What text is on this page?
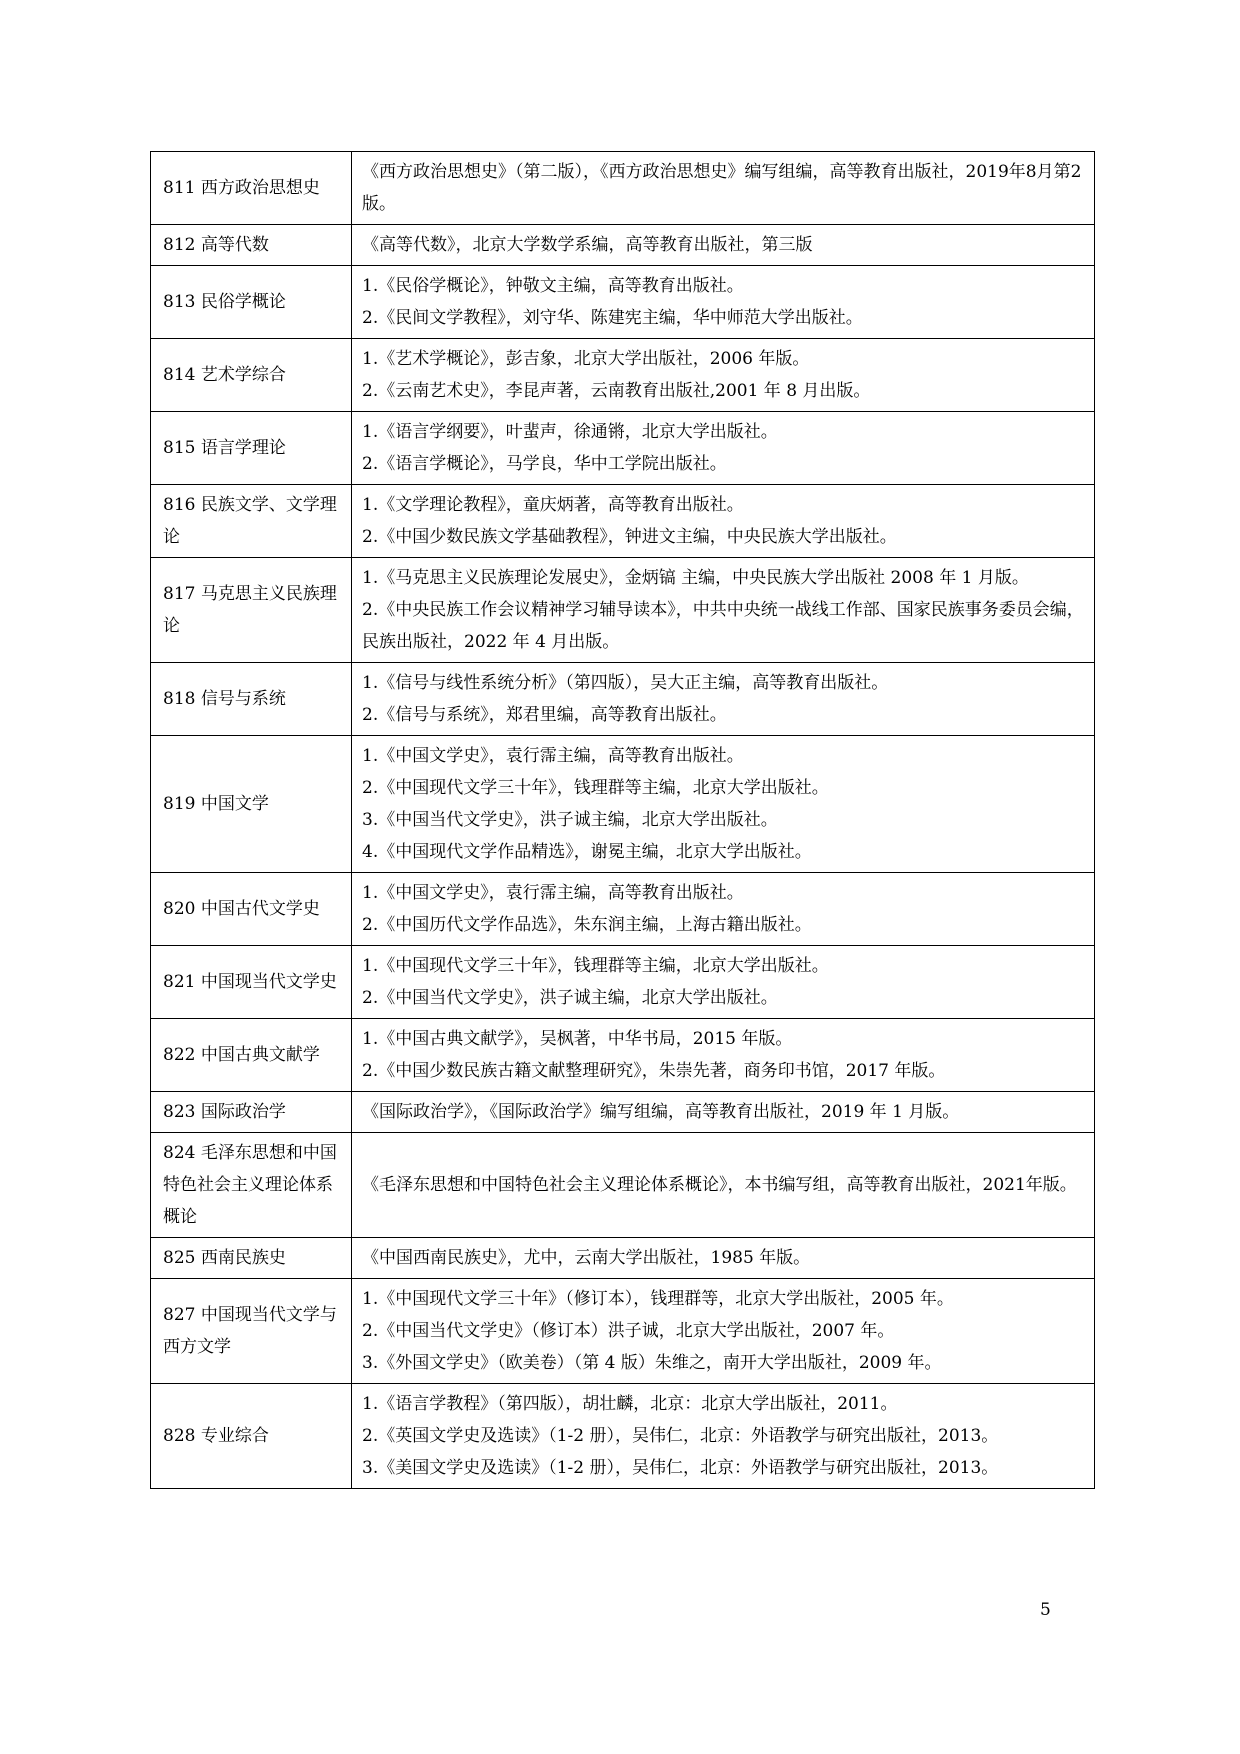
811 西方政治思想史	《西方政治思想史》（第二版），《西方政治思想史》编写组编，高等教育出版社，2019年8月第2版。

812 高等代数	《高等代数》，北京大学数学系编，高等教育出版社，第三版

813 民俗学概论	1.《民俗学概论》，钟敬文主编，高等教育出版社。
2.《民间文学教程》，刘守华、陈建宪主编，华中师范大学出版社。

814 艺术学综合	1.《艺术学概论》，彭吉象，北京大学出版社，2006 年版。
2.《云南艺术史》，李昆声著，云南教育出版社,2001 年 8 月出版。

815 语言学理论	1.《语言学纲要》，叶蜚声，徐通锵，北京大学出版社。
2.《语言学概论》，马学良，华中工学院出版社。

816 民族文学、文学理论	1.《文学理论教程》，童庆炳著，高等教育出版社。
2.《中国少数民族文学基础教程》，钟进文主编，中央民族大学出版社。

817 马克思主义民族理论	1.《马克思主义民族理论发展史》，金炳镐 主编，中央民族大学出版社 2008 年 1 月版。
2.《中央民族工作会议精神学习辅导读本》，中共中央统一战线工作部、国家民族事务委员会编，民族出版社，2022 年 4 月出版。

818 信号与系统	1.《信号与线性系统分析》（第四版），吴大正主编，高等教育出版社。
2.《信号与系统》，郑君里编，高等教育出版社。

819 中国文学	1.《中国文学史》，袁行霈主编，高等教育出版社。
2.《中国现代文学三十年》，钱理群等主编，北京大学出版社。
3.《中国当代文学史》，洪子诚主编，北京大学出版社。
4.《中国现代文学作品精选》，谢冕主编，北京大学出版社。

820 中国古代文学史	1.《中国文学史》，袁行霈主编，高等教育出版社。
2.《中国历代文学作品选》，朱东润主编，上海古籍出版社。

821 中国现当代文学史	1.《中国现代文学三十年》，钱理群等主编，北京大学出版社。
2.《中国当代文学史》，洪子诚主编，北京大学出版社。

822 中国古典文献学	1.《中国古典文献学》，吴枫著，中华书局，2015 年版。
2.《中国少数民族古籍文献整理研究》，朱崇先著，商务印书馆，2017 年版。

823 国际政治学	《国际政治学》，《国际政治学》编写组编，高等教育出版社，2019 年 1 月版。

824 毛泽东思想和中国特色社会主义理论体系概论	《毛泽东思想和中国特色社会主义理论体系概论》，本书编写组，高等教育出版社，2021年版。

825 西南民族史	《中国西南民族史》，尤中，云南大学出版社，1985 年版。

827 中国现当代文学与西方文学	1.《中国现代文学三十年》（修订本），钱理群等，北京大学出版社，2005 年。
2.《中国当代文学史》（修订本）洪子诚，北京大学出版社，2007 年。
3.《外国文学史》（欧美卷）（第 4 版）朱维之，南开大学出版社，2009 年。

828 专业综合	1.《语言学教程》（第四版），胡壮麟，北京：北京大学出版社，2011。
2.《英国文学史及选读》（1-2 册），吴伟仁，北京：外语教学与研究出版社，2013。
3.《美国文学史及选读》（1-2 册），吴伟仁，北京：外语教学与研究出版社，2013。
5
